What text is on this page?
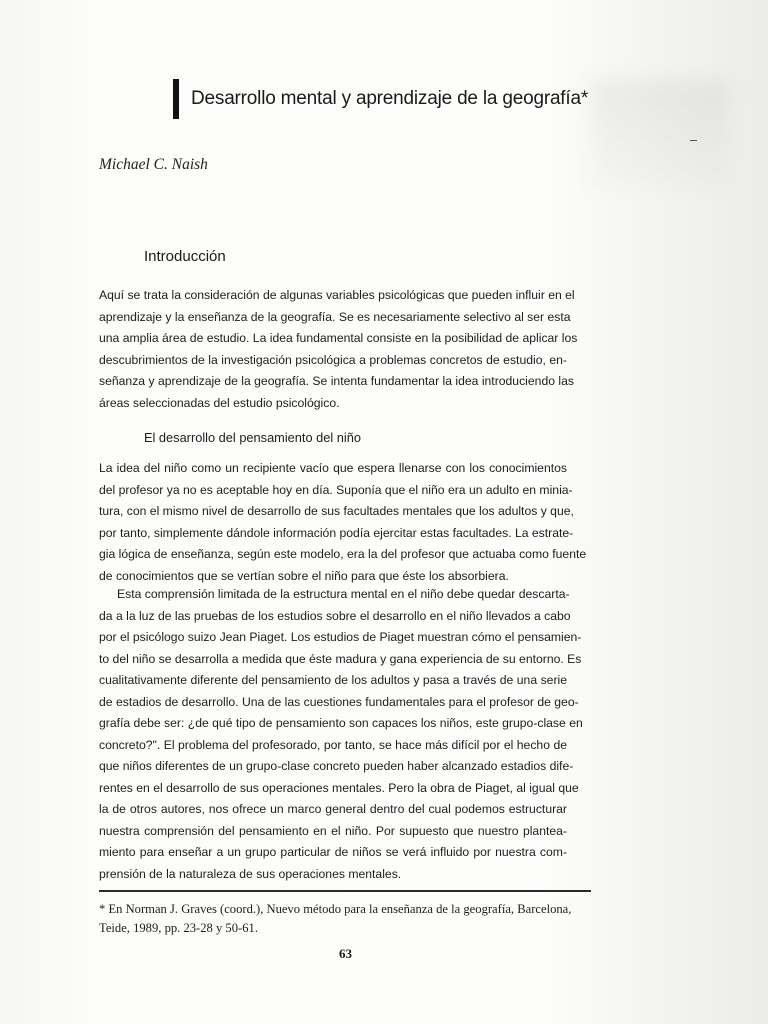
Desarrollo mental y aprendizaje de la geografía*
Michael C. Naish
Introducción
Aquí se trata la consideración de algunas variables psicológicas que pueden influir en el
aprendizaje y la enseñanza de la geografía. Se es necesariamente selectivo al ser esta
una amplia área de estudio. La idea fundamental consiste en la posibilidad de aplicar los
descubrimientos de la investigación psicológica a problemas concretos de estudio, en-
señanza y aprendizaje de la geografía. Se intenta fundamentar la idea introduciendo las
áreas seleccionadas del estudio psicológico.
El desarrollo del pensamiento del niño
La idea del niño como un recipiente vacío que espera llenarse con los conocimientos
del profesor ya no es aceptable hoy en día. Suponía que el niño era un adulto en minia-
tura, con el mismo nivel de desarrollo de sus facultades mentales que los adultos y que,
por tanto, simplemente dándole información podía ejercitar estas facultades. La estrate-
gia lógica de enseñanza, según este modelo, era la del profesor que actuaba como fuente
de conocimientos que se vertían sobre el niño para que éste los absorbiera.
Esta comprensión limitada de la estructura mental en el niño debe quedar descarta-
da a la luz de las pruebas de los estudios sobre el desarrollo en el niño llevados a cabo
por el psicólogo suizo Jean Piaget. Los estudios de Piaget muestran cómo el pensamien-
to del niño se desarrolla a medida que éste madura y gana experiencia de su entorno. Es
cualitativamente diferente del pensamiento de los adultos y pasa a través de una serie
de estadios de desarrollo. Una de las cuestiones fundamentales para el profesor de geo-
grafía debe ser: ¿de qué tipo de pensamiento son capaces los niños, este grupo-clase en
concreto?". El problema del profesorado, por tanto, se hace más difícil por el hecho de
que niños diferentes de un grupo-clase concreto pueden haber alcanzado estadios dife-
rentes en el desarrollo de sus operaciones mentales. Pero la obra de Piaget, al igual que
la de otros autores, nos ofrece un marco general dentro del cual podemos estructurar
nuestra comprensión del pensamiento en el niño. Por supuesto que nuestro plantea-
miento para enseñar a un grupo particular de niños se verá influido por nuestra com-
prensión de la naturaleza de sus operaciones mentales.
* En Norman J. Graves (coord.), Nuevo método para la enseñanza de la geografía, Barcelona,
Teide, 1989, pp. 23-28 y 50-61.
63
